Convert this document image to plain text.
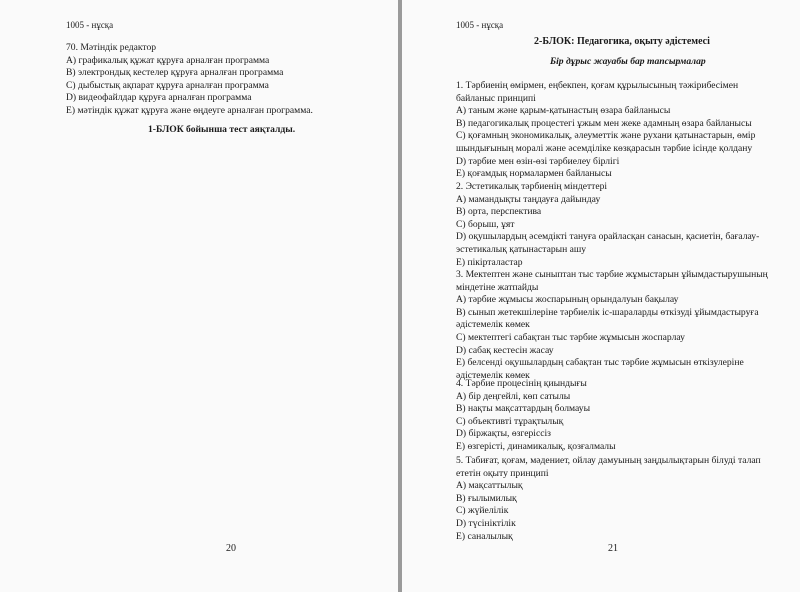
1005 - нұсқа
70. Мәтіндік редактор
A) графикалық құжат құруға арналған программа
B) электрондық кестелер құруға арналған программа
C) дыбыстық ақпарат құруға арналған программа
D) видеофайлдар құруға арналған программа
E) мәтіндік құжат құруға және өңдеуге арналған программа.
1-БЛОК бойынша тест аяқталды.
20
1005 - нұсқа
2-БЛОК: Педагогика, оқыту әдістемесі
Бір дұрыс жауабы бар тапсырмалар
1. Тәрбиенің өмірмен, еңбекпен, қоғам құрылысының тәжірибесімен
байланыс принципі
A) таным және қарым-қатынастың өзара байланысы
B) педагогикалық процестегі ұжым мен жеке адамның өзара байланысы
C) қоғамның экономикалық, әлеуметтік және рухани қатынастарын, өмір
шындығының моралі және әсемділіке көзқарасын тәрбие ісінде қолдану
D) тәрбие мен өзін-өзі тәрбиелеу бірлігі
E) қоғамдық нормалармен байланысы
2. Эстетикалық тәрбиенің міндеттері
A) мамандықты таңдауға дайындау
B) орта, перспектива
C) борыш, ұят
D) оқушылардың әсемдікті тануға орайласқан санасын, қасиетін, бағалау-
эстетикалық қатынастарын ашу
E) пікірталастар
3. Мектептен және сыныптан тыс тәрбие жұмыстарын ұйымдастырушының
міндетіне жатпайды
A) тәрбие жұмысы жоспарының орындалуын бақылау
B) сынып жетекшілеріне тәрбиелік іс-шараларды өткізуді ұйымдастыруға
әдістемелік көмек
C) мектептегі сабақтан тыс тәрбие жұмысын жоспарлау
D) сабақ кестесін жасау
E) белсенді оқушылардың сабақтан тыс тәрбие жұмысын өткізулеріне
әдістемелік көмек
4. Тәрбие процесінің қиындығы
A) бір деңгейлі, көп сатылы
B) нақты мақсаттардың болмауы
C) объективті тұрақтылық
D) біржақты, өзгеріссіз
E) өзгерісті, динамикалық, қозғалмалы
5. Табиғат, қоғам, мәдениет, ойлау дамуының заңдылықтарын білуді талап
ететін оқыту принципі
A) мақсаттылық
B) ғылымилық
C) жүйелілік
D) түсініктілік
E) саналылық
21
